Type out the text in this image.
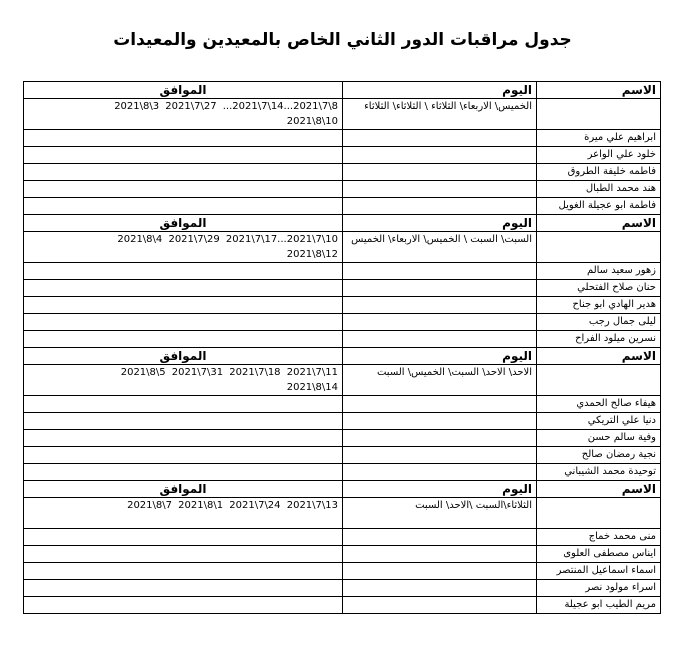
جدول مراقبات الدور الثاني الخاص بالمعيدين والمعيدات
الاسم	اليوم	الموافق
	الخميس\ الاربعاء\ الثلاثاء \ الثلاثاء\ الثلاثاء	2021\8\3 2021\7\27 ...2021\7\14...2021\7\8
2021\8\10

ابراهيم علي ميرة		
خلود علي الواعر		
فاطمه خليفة الطروق		
هند محمد الطبال		
فاطمة ابو عجيلة الغويل		
الاسم	اليوم	الموافق
	السبت\ السبت \ الخميس\ الاربعاء\ الخميس	2021\8\4 2021\7\29 2021\7\17...2021\7\10
2021\8\12

زهور سعيد سالم		
حنان صلاح الفتحلي		
هدير الهادي ابو جناح		
ليلى جمال رجب		
نسرين ميلود الفراح		
الاسم	اليوم	الموافق
	الاحد\ الاحد\ السبت\ الخميس\ السبت	2021\8\5 2021\7\31 2021\7\18 2021\7\11
2021\8\14

هيفاء صالح الحمدي		
دنيا علي التريكي		
وفية سالم حسن		
نجية رمضان صالح		
توحيدة محمد الشيباني		
الاسم	اليوم	الموافق
	الثلاثاء\السبت \الاحد\ السبت	2021\8\7 2021\8\1 2021\7\24 2021\7\13

منى محمد خماج		
ايناس مصطفى العلوى		
اسماء اسماعيل المنتصر		
اسراء مولود نصر		
مريم الطيب ابو عجيلة		
